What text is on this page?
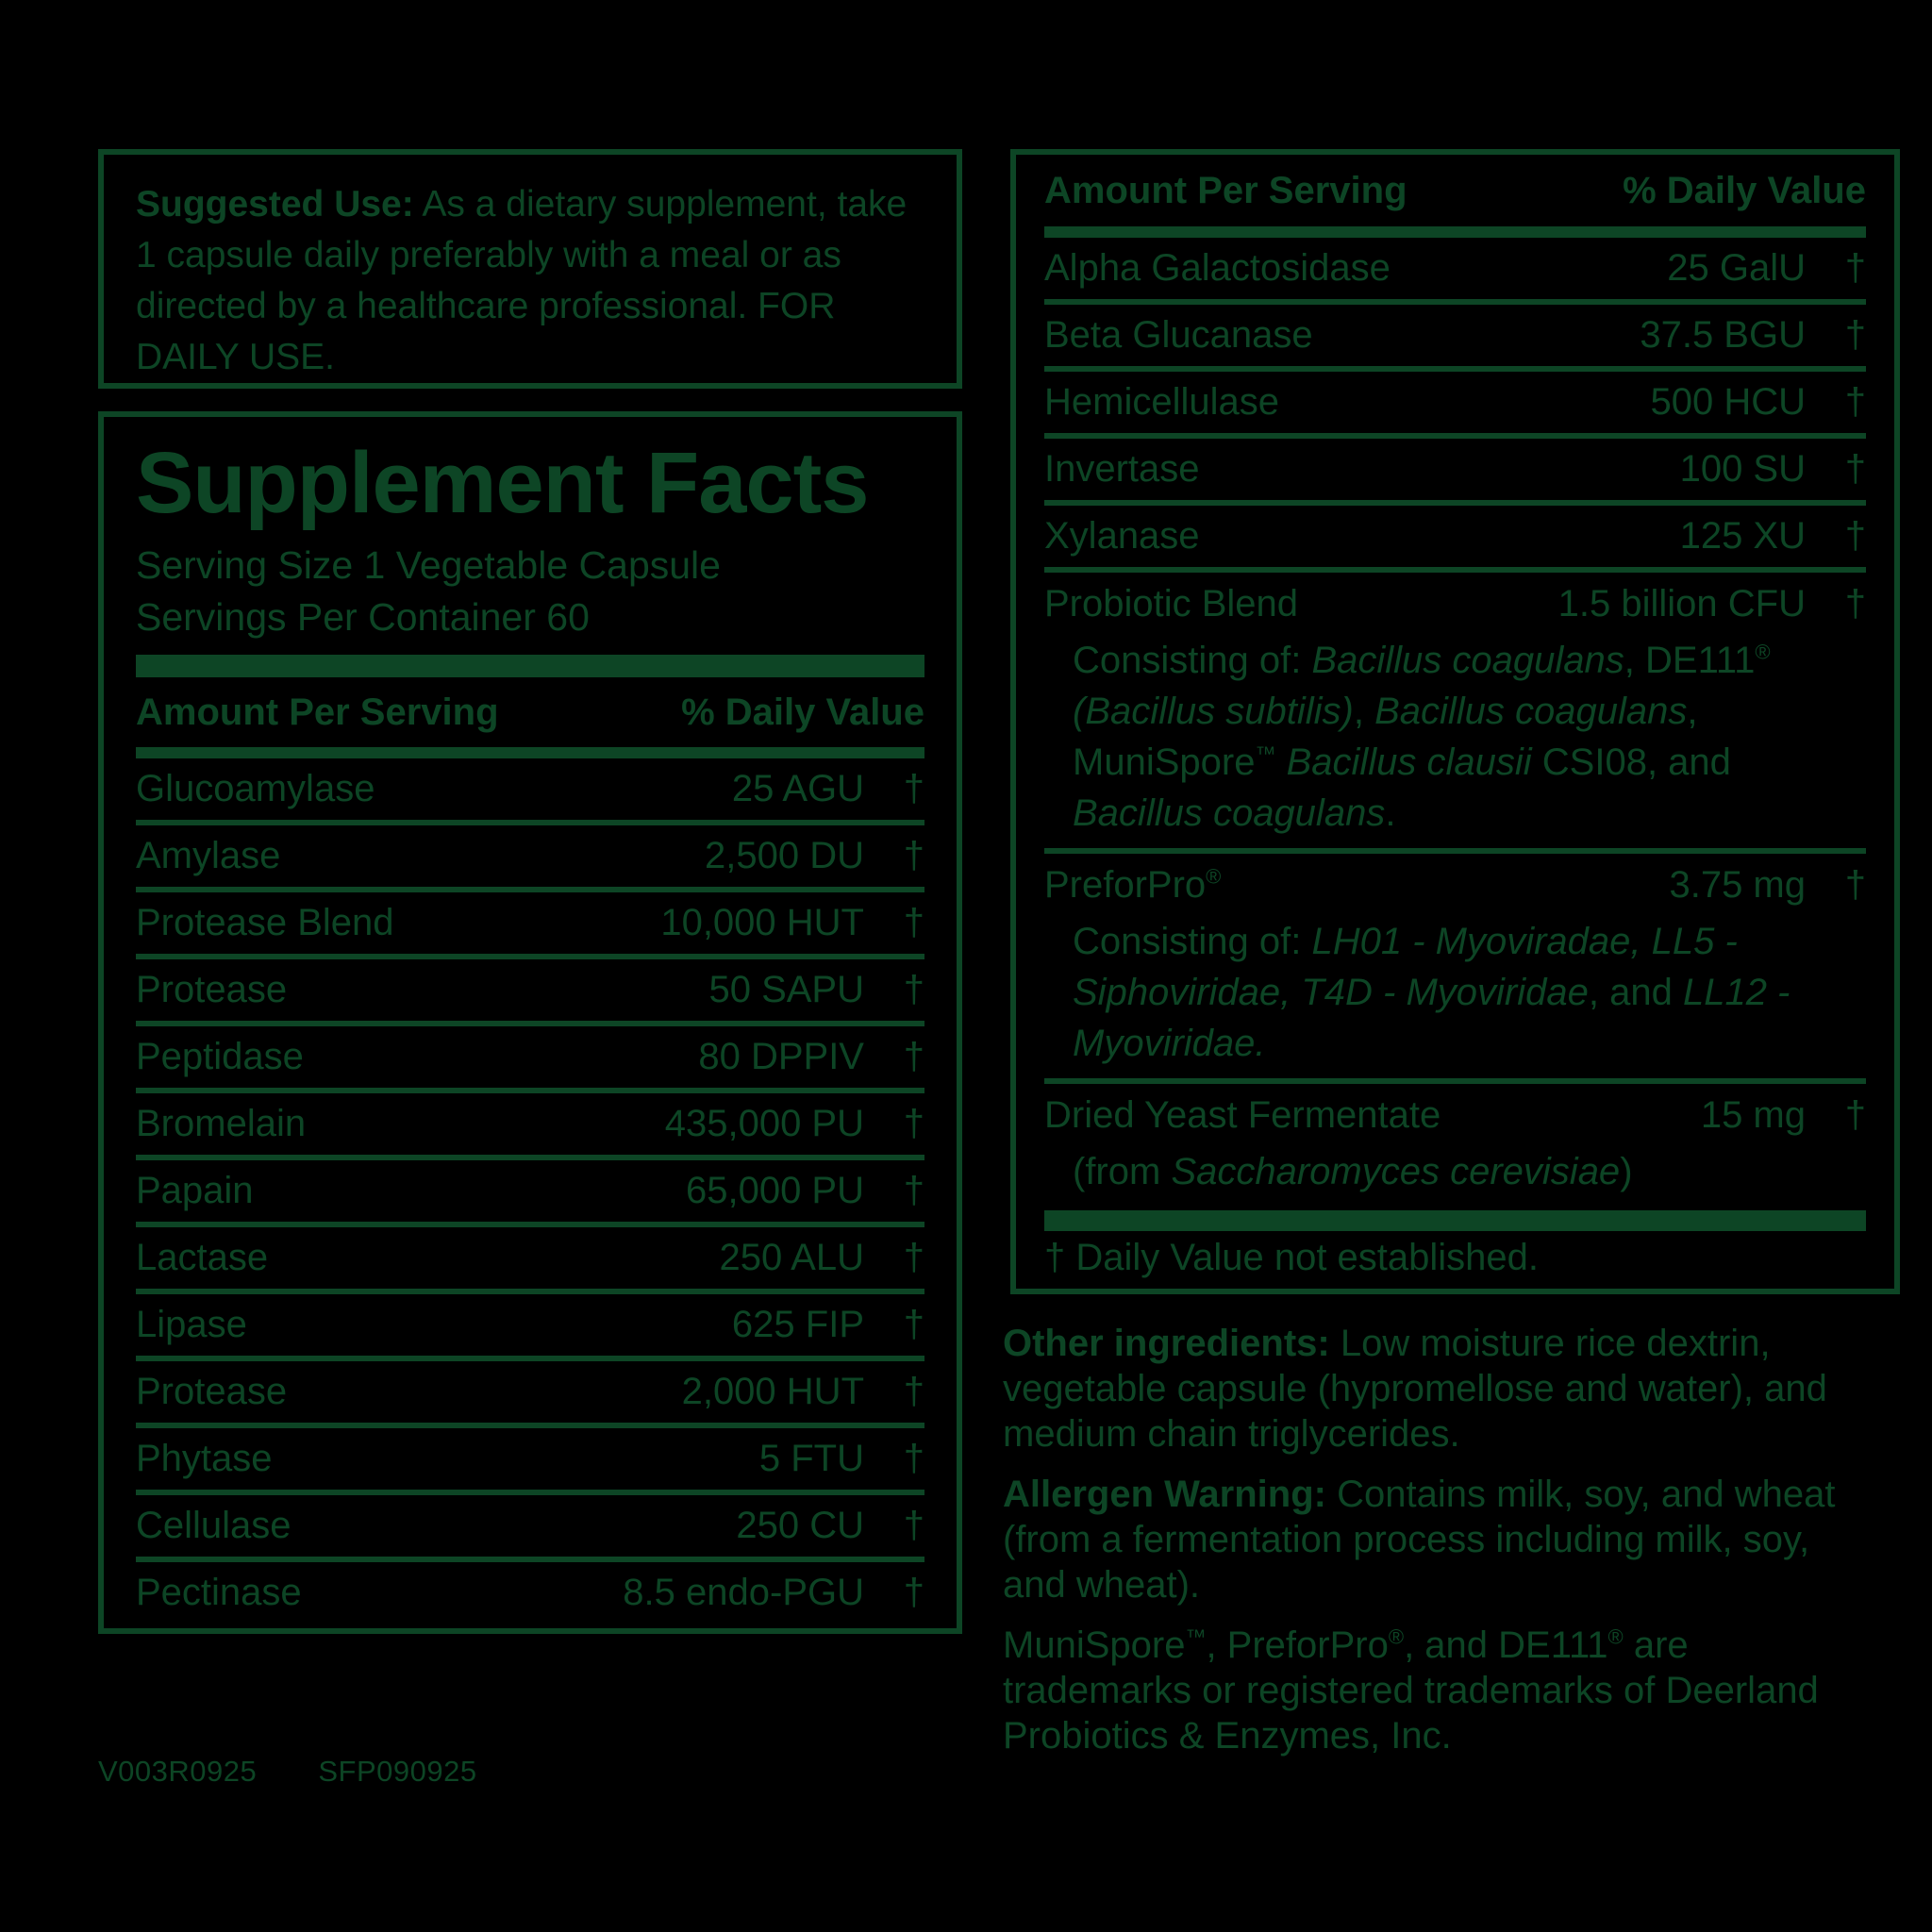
Suggested Use: As a dietary supplement, take 1 capsule daily preferably with a meal or as directed by a healthcare professional. FOR DAILY USE.

Supplement Facts
Serving Size 1 Vegetable Capsule
Servings Per Container 60
Amount Per Serving	% Daily Value
Glucoamylase	25 AGU	†
Amylase	2,500 DU	†
Protease Blend	10,000 HUT	†
Protease	50 SAPU	†
Peptidase	80 DPPIV	†
Bromelain	435,000 PU	†
Papain	65,000 PU	†
Lactase	250 ALU	†
Lipase	625 FIP	†
Protease	2,000 HUT	†
Phytase	5 FTU	†
Cellulase	250 CU	†
Pectinase	8.5 endo-PGU	†
Amount Per Serving	% Daily Value
Alpha Galactosidase	25 GalU	†
Beta Glucanase	37.5 BGU	†
Hemicellulase	500 HCU	†
Invertase	100 SU	†
Xylanase	125 XU	†
Probiotic Blend	1.5 billion CFU	†
Consisting of: Bacillus coagulans, DE111® (Bacillus subtilis), Bacillus coagulans, MuniSpore™ Bacillus clausii CSI08, and Bacillus coagulans.
PreforPro®	3.75 mg	†
Consisting of: LH01 - Myoviradae, LL5 - Siphoviridae, T4D - Myoviridae, and LL12 - Myoviridae.
Dried Yeast Fermentate	15 mg	†
(from Saccharomyces cerevisiae)
† Daily Value not established.

Other ingredients: Low moisture rice dextrin, vegetable capsule (hypromellose and water), and medium chain triglycerides.

Allergen Warning: Contains milk, soy, and wheat (from a fermentation process including milk, soy, and wheat).

MuniSpore™, PreforPro®, and DE111® are trademarks or registered trademarks of Deerland Probiotics & Enzymes, Inc.

V003R0925 SFP090925
